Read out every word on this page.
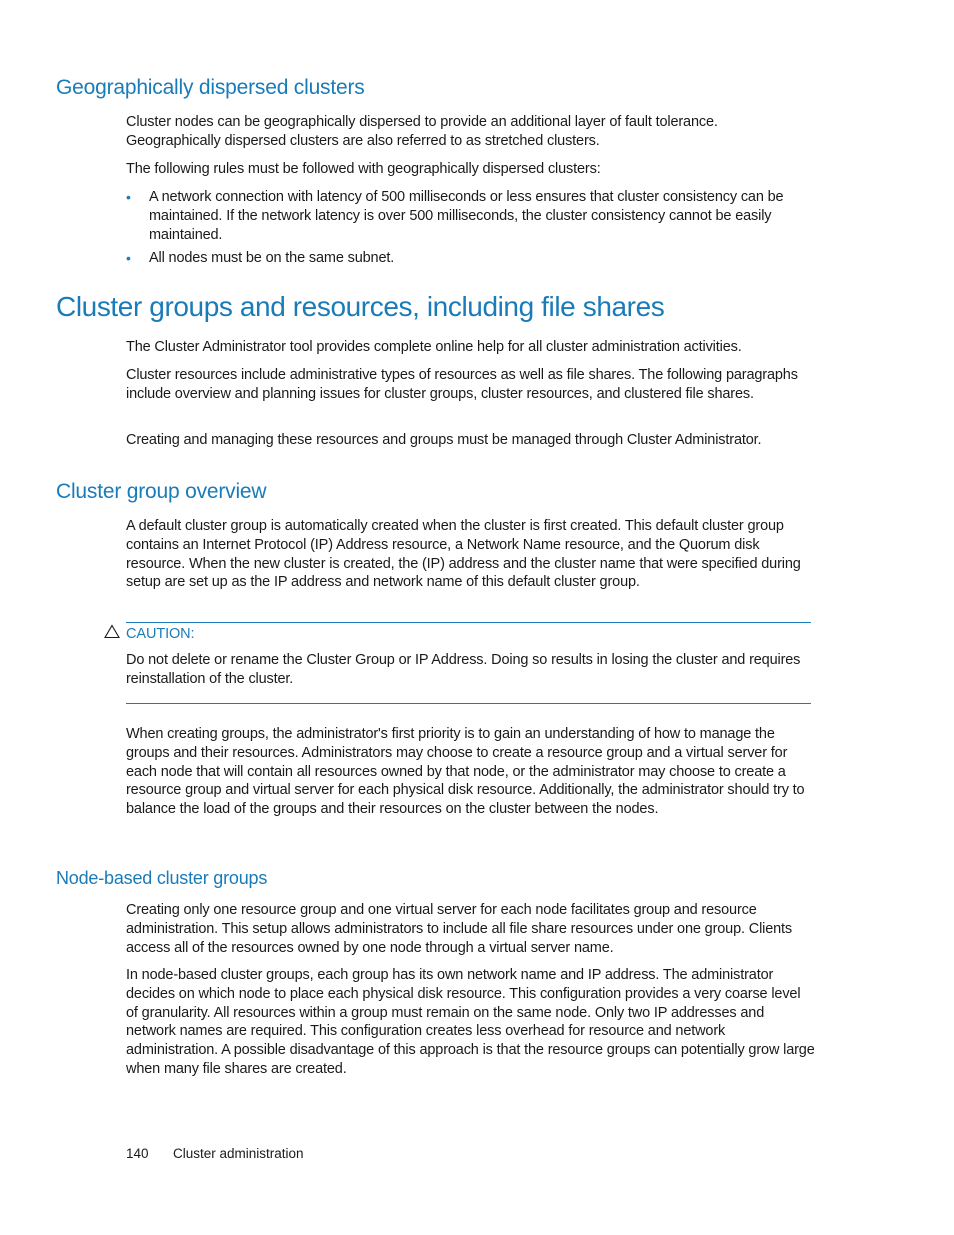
Geographically dispersed clusters

Cluster nodes can be geographically dispersed to provide an additional layer of fault tolerance. Geographically dispersed clusters are also referred to as stretched clusters.

The following rules must be followed with geographically dispersed clusters:

• A network connection with latency of 500 milliseconds or less ensures that cluster consistency can be maintained. If the network latency is over 500 milliseconds, the cluster consistency cannot be easily maintained.
• All nodes must be on the same subnet.
Cluster groups and resources, including file shares

The Cluster Administrator tool provides complete online help for all cluster administration activities.

Cluster resources include administrative types of resources as well as file shares. The following paragraphs include overview and planning issues for cluster groups, cluster resources, and clustered file shares.

Creating and managing these resources and groups must be managed through Cluster Administrator.

Cluster group overview

A default cluster group is automatically created when the cluster is first created. This default cluster group contains an Internet Protocol (IP) Address resource, a Network Name resource, and the Quorum disk resource. When the new cluster is created, the (IP) address and the cluster name that were specified during setup are set up as the IP address and network name of this default cluster group.

CAUTION:

Do not delete or rename the Cluster Group or IP Address. Doing so results in losing the cluster and requires reinstallation of the cluster.

When creating groups, the administrator's first priority is to gain an understanding of how to manage the groups and their resources. Administrators may choose to create a resource group and a virtual server for each node that will contain all resources owned by that node, or the administrator may choose to create a resource group and virtual server for each physical disk resource. Additionally, the administrator should try to balance the load of the groups and their resources on the cluster between the nodes.

Node-based cluster groups

Creating only one resource group and one virtual server for each node facilitates group and resource administration. This setup allows administrators to include all file share resources under one group. Clients access all of the resources owned by one node through a virtual server name.

In node-based cluster groups, each group has its own network name and IP address. The administrator decides on which node to place each physical disk resource. This configuration provides a very coarse level of granularity. All resources within a group must remain on the same node. Only two IP addresses and network names are required. This configuration creates less overhead for resource and network administration. A possible disadvantage of this approach is that the resource groups can potentially grow large when many file shares are created.

140 Cluster administration
